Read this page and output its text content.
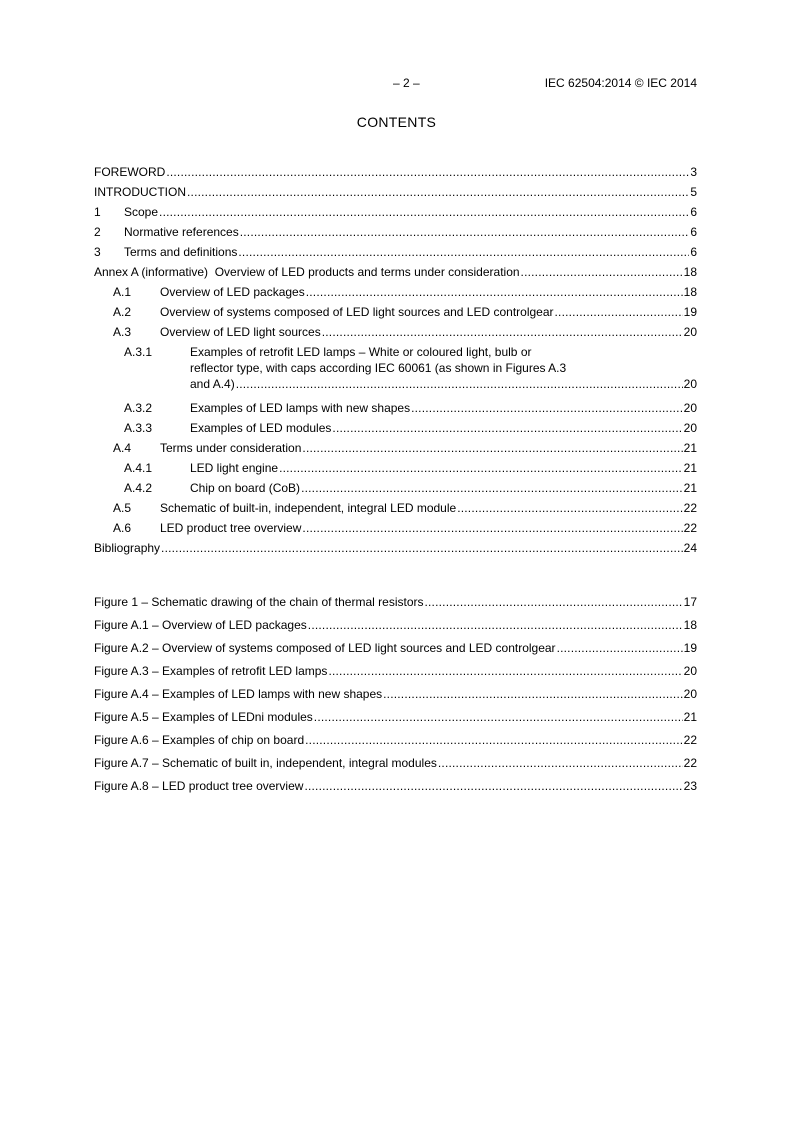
– 2 –	IEC 62504:2014 © IEC 2014
CONTENTS
FOREWORD .....	3
INTRODUCTION .....	5
1	Scope .....	6
2	Normative references .....	6
3	Terms and definitions .....	6
Annex A (informative)  Overview of LED products and terms under consideration .....	18
A.1	Overview of LED packages .....	18
A.2	Overview of systems composed of LED light sources and LED controlgear .....	19
A.3	Overview of LED light sources .....	20
A.3.1	Examples of retrofit LED lamps – White or coloured light, bulb or
reflector type, with caps according IEC 60061 (as shown in Figures A.3
and A.4) .....	20
A.3.2	Examples of LED lamps with new shapes .....	20
A.3.3	Examples of LED modules .....	20
A.4	Terms under consideration .....	21
A.4.1	LED light engine .....	21
A.4.2	Chip on board (CoB) .....	21
A.5	Schematic of built-in, independent, integral LED module .....	22
A.6	LED product tree overview .....	22
Bibliography .....	24
Figure 1 – Schematic drawing of the chain of thermal resistors .....	17
Figure A.1 – Overview of LED packages .....	18
Figure A.2 – Overview of systems composed of LED light sources and LED controlgear .....	19
Figure A.3 – Examples of retrofit LED lamps .....	20
Figure A.4 – Examples of LED lamps with new shapes .....	20
Figure A.5 – Examples of LEDni modules .....	21
Figure A.6 – Examples of chip on board .....	22
Figure A.7 – Schematic of built in, independent, integral modules .....	22
Figure A.8 – LED product tree overview .....	23
